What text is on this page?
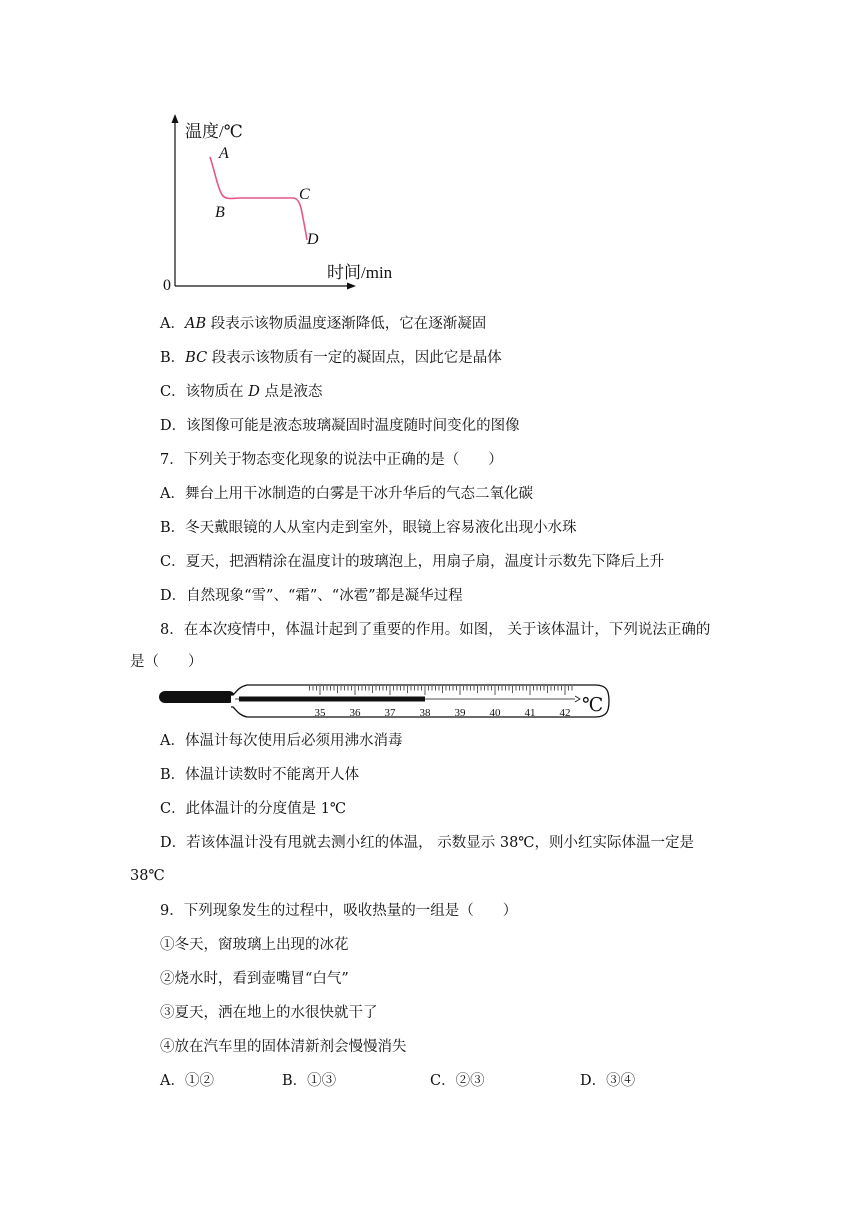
温度/℃
时间/min
0
A
B
C
D
A．AB 段表示该物质温度逐渐降低，它在逐渐凝固
B．BC 段表示该物质有一定的凝固点，因此它是晶体
C．该物质在 D 点是液态
D．该图像可能是液态玻璃凝固时温度随时间变化的图像
7．下列关于物态变化现象的说法中正确的是（　　）
A．舞台上用干冰制造的白雾是干冰升华后的气态二氧化碳
B．冬天戴眼镜的人从室内走到室外，眼镜上容易液化出现小水珠
C．夏天，把酒精涂在温度计的玻璃泡上，用扇子扇，温度计示数先下降后上升
D．自然现象“雪”、“霜”、“冰雹”都是凝华过程
8．在本次疫情中，体温计起到了重要的作用。如图， 关于该体温计，下列说法正确的
是（　　）
35 36 37 38 39 40 41 42 ℃
A．体温计每次使用后必须用沸水消毒
B．体温计读数时不能离开人体
C．此体温计的分度值是 1℃
D．若该体温计没有甩就去测小红的体温， 示数显示 38℃，则小红实际体温一定是
38℃
9．下列现象发生的过程中，吸收热量的一组是（　　）
①冬天，窗玻璃上出现的冰花
②烧水时，看到壶嘴冒“白气”
③夏天，洒在地上的水很快就干了
④放在汽车里的固体清新剂会慢慢消失
A．①②	B．①③	C．②③	D．③④
